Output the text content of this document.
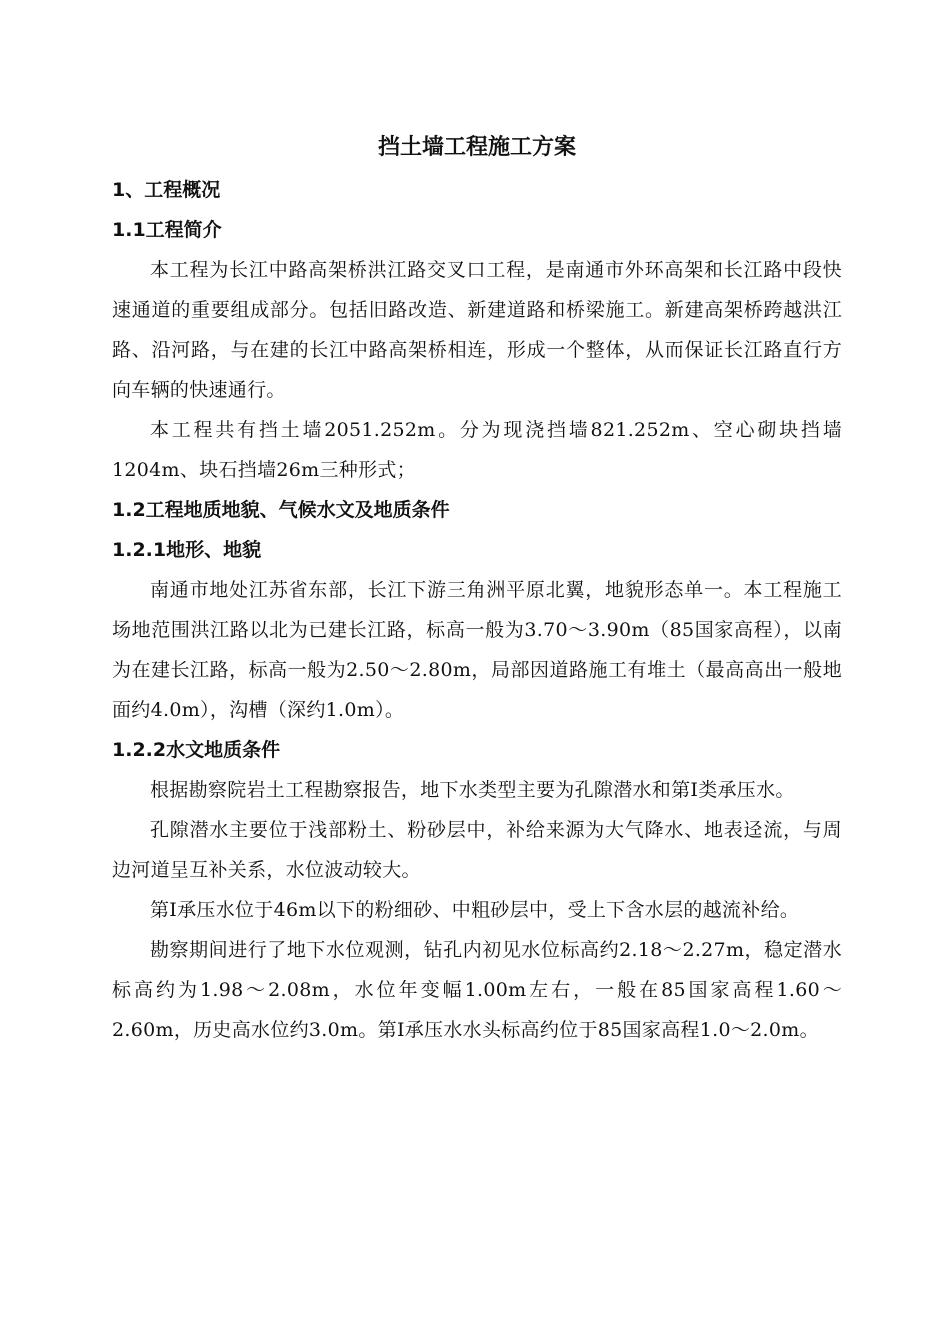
挡土墙工程施工方案
1、工程概况
1.1工程简介

本工程为长江中路高架桥洪江路交叉口工程，是南通市外环高架和长江路中段快速通道的重要组成部分。包括旧路改造、新建道路和桥梁施工。新建高架桥跨越洪江路、沿河路，与在建的长江中路高架桥相连，形成一个整体，从而保证长江路直行方向车辆的快速通行。

本工程共有挡土墙2051.252m。分为现浇挡墙821.252m、空心砌块挡墙1204m、块石挡墙26m三种形式；

1.2工程地质地貌、气候水文及地质条件
1.2.1地形、地貌

南通市地处江苏省东部，长江下游三角洲平原北翼，地貌形态单一。本工程施工场地范围洪江路以北为已建长江路，标高一般为3.70～3.90m（85国家高程），以南为在建长江路，标高一般为2.50～2.80m，局部因道路施工有堆土（最高高出一般地面约4.0m），沟槽（深约1.0m）。

1.2.2水文地质条件

根据勘察院岩土工程勘察报告，地下水类型主要为孔隙潜水和第Ⅰ类承压水。

孔隙潜水主要位于浅部粉土、粉砂层中，补给来源为大气降水、地表迳流，与周边河道呈互补关系，水位波动较大。

第Ⅰ承压水位于46m以下的粉细砂、中粗砂层中，受上下含水层的越流补给。

勘察期间进行了地下水位观测，钻孔内初见水位标高约2.18～2.27m，稳定潜水标高约为1.98～2.08m，水位年变幅1.00m左右，一般在85国家高程1.60～2.60m，历史高水位约3.0m。第Ⅰ承压水水头标高约位于85国家高程1.0～2.0m。
